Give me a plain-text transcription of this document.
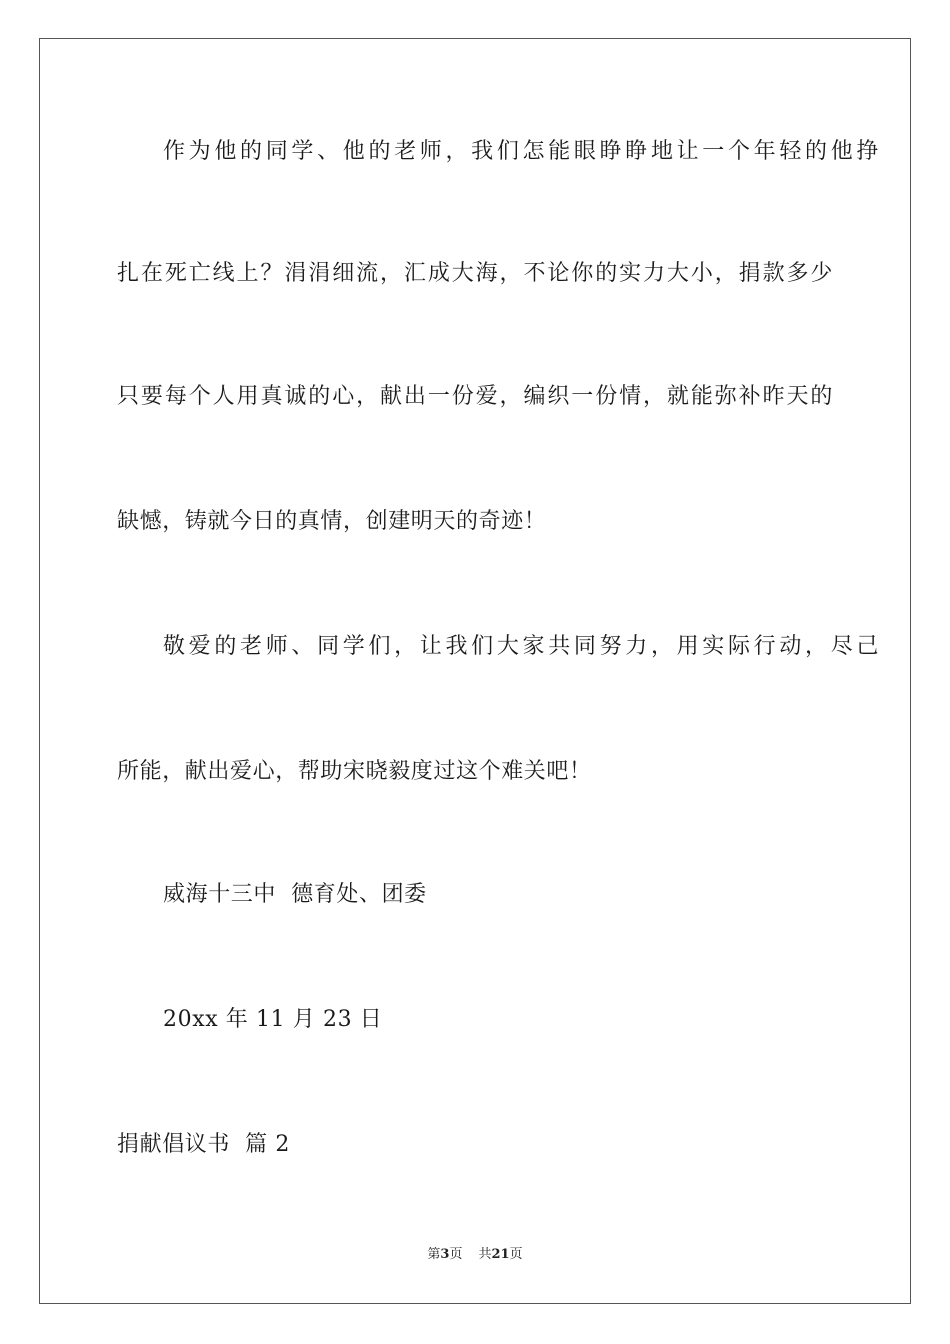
作为他的同学、他的老师，我们怎能眼睁睁地让一个年轻的他挣
扎在死亡线上？涓涓细流，汇成大海，不论你的实力大小，捐款多少
只要每个人用真诚的心，献出一份爱，编织一份情，就能弥补昨天的
缺憾，铸就今日的真情，创建明天的奇迹！
敬爱的老师、同学们，让我们大家共同努力，用实际行动，尽己
所能，献出爱心，帮助宋晓毅度过这个难关吧！
威海十三中  德育处、团委
20xx 年 11 月 23 日
捐献倡议书  篇 2
第3页 共21页
